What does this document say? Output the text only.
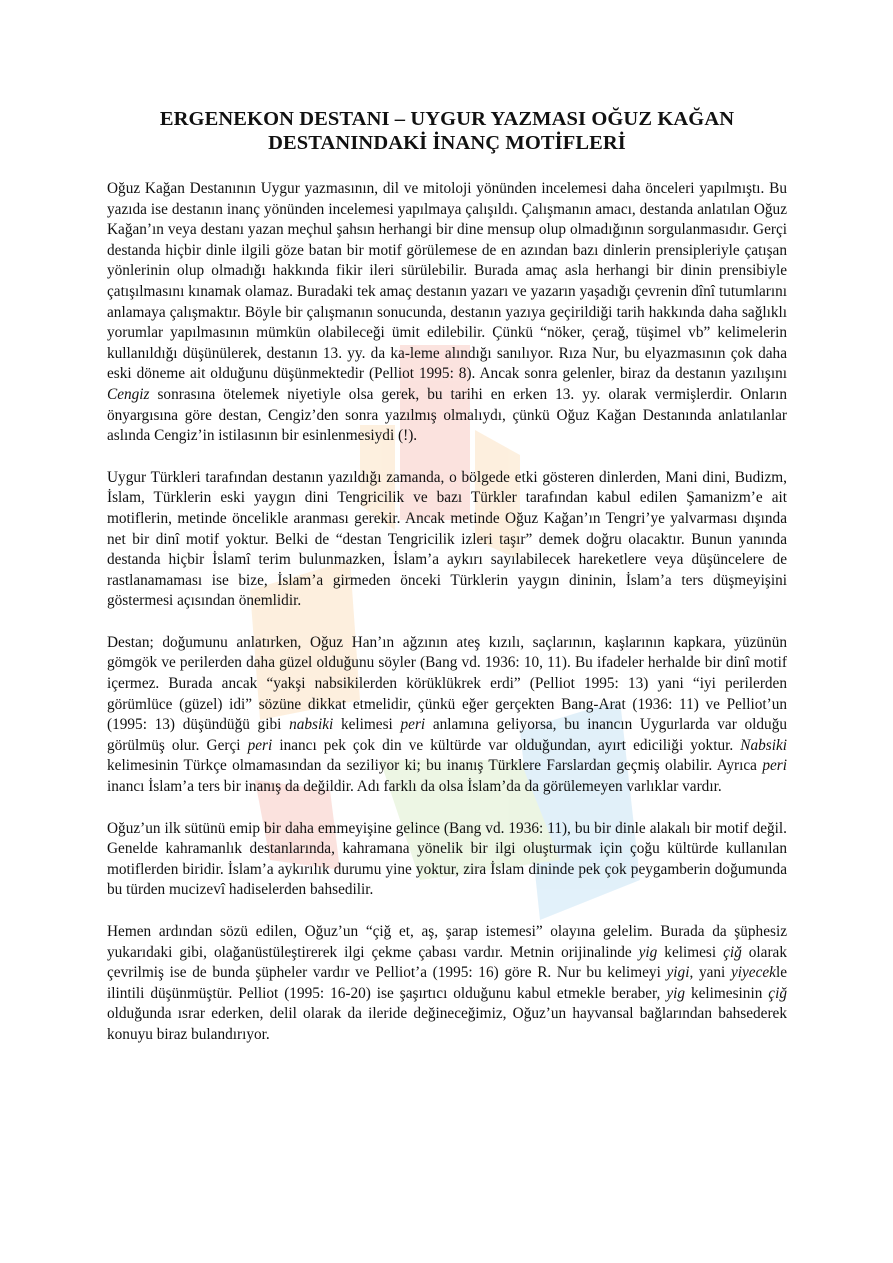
ERGENEKON DESTANI – UYGUR YAZMASI OĞUZ KAĞAN
DESTANINDAKİ İNANÇ MOTİFLERİ

Oğuz Kağan Destanının Uygur yazmasının, dil ve mitoloji yönünden incelemesi daha önceleri yapılmıştı. Bu yazıda ise destanın inanç yönünden incelemesi yapılmaya çalışıldı. Çalışmanın amacı, destanda anlatılan Oğuz Kağan’ın veya destanı yazan meçhul şahsın herhangi bir dine mensup olup olmadığının sorgulanmasıdır. Gerçi destanda hiçbir dinle ilgili göze batan bir motif görülemese de en azından bazı dinlerin prensipleriyle çatışan yönlerinin olup olmadığı hakkında fikir ileri sürülebilir. Burada amaç asla herhangi bir dinin prensibiyle çatışılmasını kınamak olamaz. Buradaki tek amaç destanın yazarı ve yazarın yaşadığı çevrenin dînî tutumlarını anlamaya çalışmaktır. Böyle bir çalışmanın sonucunda, destanın yazıya geçirildiği tarih hakkında daha sağlıklı yorumlar yapılmasının mümkün olabileceği ümit edilebilir. Çünkü “nöker, çerağ, tüşimel vb” kelimelerin kullanıldığı düşünülerek, destanın 13. yy. da ka-leme alındığı sanılıyor. Rıza Nur, bu elyazmasının çok daha eski döneme ait olduğunu düşünmektedir (Pelliot 1995: 8). Ancak sonra gelenler, biraz da destanın yazılışını Cengiz sonrasına ötelemek niyetiyle olsa gerek, bu tarihi en erken 13. yy. olarak vermişlerdir. Onların önyargısına göre destan, Cengiz’den sonra yazılmış olmalıydı, çünkü Oğuz Kağan Destanında anlatılanlar aslında Cengiz’in istilasının bir esinlenmesiydi (!).

Uygur Türkleri tarafından destanın yazıldığı zamanda, o bölgede etki gösteren dinlerden, Mani dini, Budizm, İslam, Türklerin eski yaygın dini Tengricilik ve bazı Türkler tarafından kabul edilen Şamanizm’e ait motiflerin, metinde öncelikle aranması gerekir. Ancak metinde Oğuz Kağan’ın Tengri’ye yalvarması dışında net bir dinî motif yoktur. Belki de “destan Tengricilik izleri taşır” demek doğru olacaktır. Bunun yanında destanda hiçbir İslamî terim bulunmazken, İslam’a aykırı sayılabilecek hareketlere veya düşüncelere de rastlanamaması ise bize, İslam’a girmeden önceki Türklerin yaygın dininin, İslam’a ters düşmeyişini göstermesi açısından önemlidir.

Destan; doğumunu anlatırken, Oğuz Han’ın ağzının ateş kızılı, saçlarının, kaşlarının kapkara, yüzünün gömgök ve perilerden daha güzel olduğunu söyler (Bang vd. 1936: 10, 11). Bu ifadeler herhalde bir dinî motif içermez. Burada ancak “yakşi nabsikilerden körüklükrek erdi” (Pelliot 1995: 13) yani “iyi perilerden görümlüce (güzel) idi” sözüne dikkat etmelidir, çünkü eğer gerçekten Bang-Arat (1936: 11) ve Pelliot’un (1995: 13) düşündüğü gibi nabsiki kelimesi peri anlamına geliyorsa, bu inancın Uygurlarda var olduğu görülmüş olur. Gerçi peri inancı pek çok din ve kültürde var olduğundan, ayırt ediciliği yoktur. Nabsiki kelimesinin Türkçe olmamasından da seziliyor ki; bu inanış Türklere Farslardan geçmiş olabilir. Ayrıca peri inancı İslam’a ters bir inanış da değildir. Adı farklı da olsa İslam’da da görülemeyen varlıklar vardır.

Oğuz’un ilk sütünü emip bir daha emmeyişine gelince (Bang vd. 1936: 11), bu bir dinle alakalı bir motif değil. Genelde kahramanlık destanlarında, kahramana yönelik bir ilgi oluşturmak için çoğu kültürde kullanılan motiflerden biridir. İslam’a aykırılık durumu yine yoktur, zira İslam dininde pek çok peygamberin doğumunda bu türden mucizevî hadiselerden bahsedilir.

Hemen ardından sözü edilen, Oğuz’un “çiğ et, aş, şarap istemesi” olayına gelelim. Burada da şüphesiz yukarıdaki gibi, olağanüstüleştirerek ilgi çekme çabası vardır. Metnin orijinalinde yig kelimesi çiğ olarak çevrilmiş ise de bunda şüpheler vardır ve Pelliot’a (1995: 16) göre R. Nur bu kelimeyi yigi, yani yiyecekle ilintili düşünmüştür. Pelliot (1995: 16-20) ise şaşırtıcı olduğunu kabul etmekle beraber, yig kelimesinin çiğ olduğunda ısrar ederken, delil olarak da ileride değineceğimiz, Oğuz’un hayvansal bağlarından bahsederek konuyu biraz bulandırıyor.
